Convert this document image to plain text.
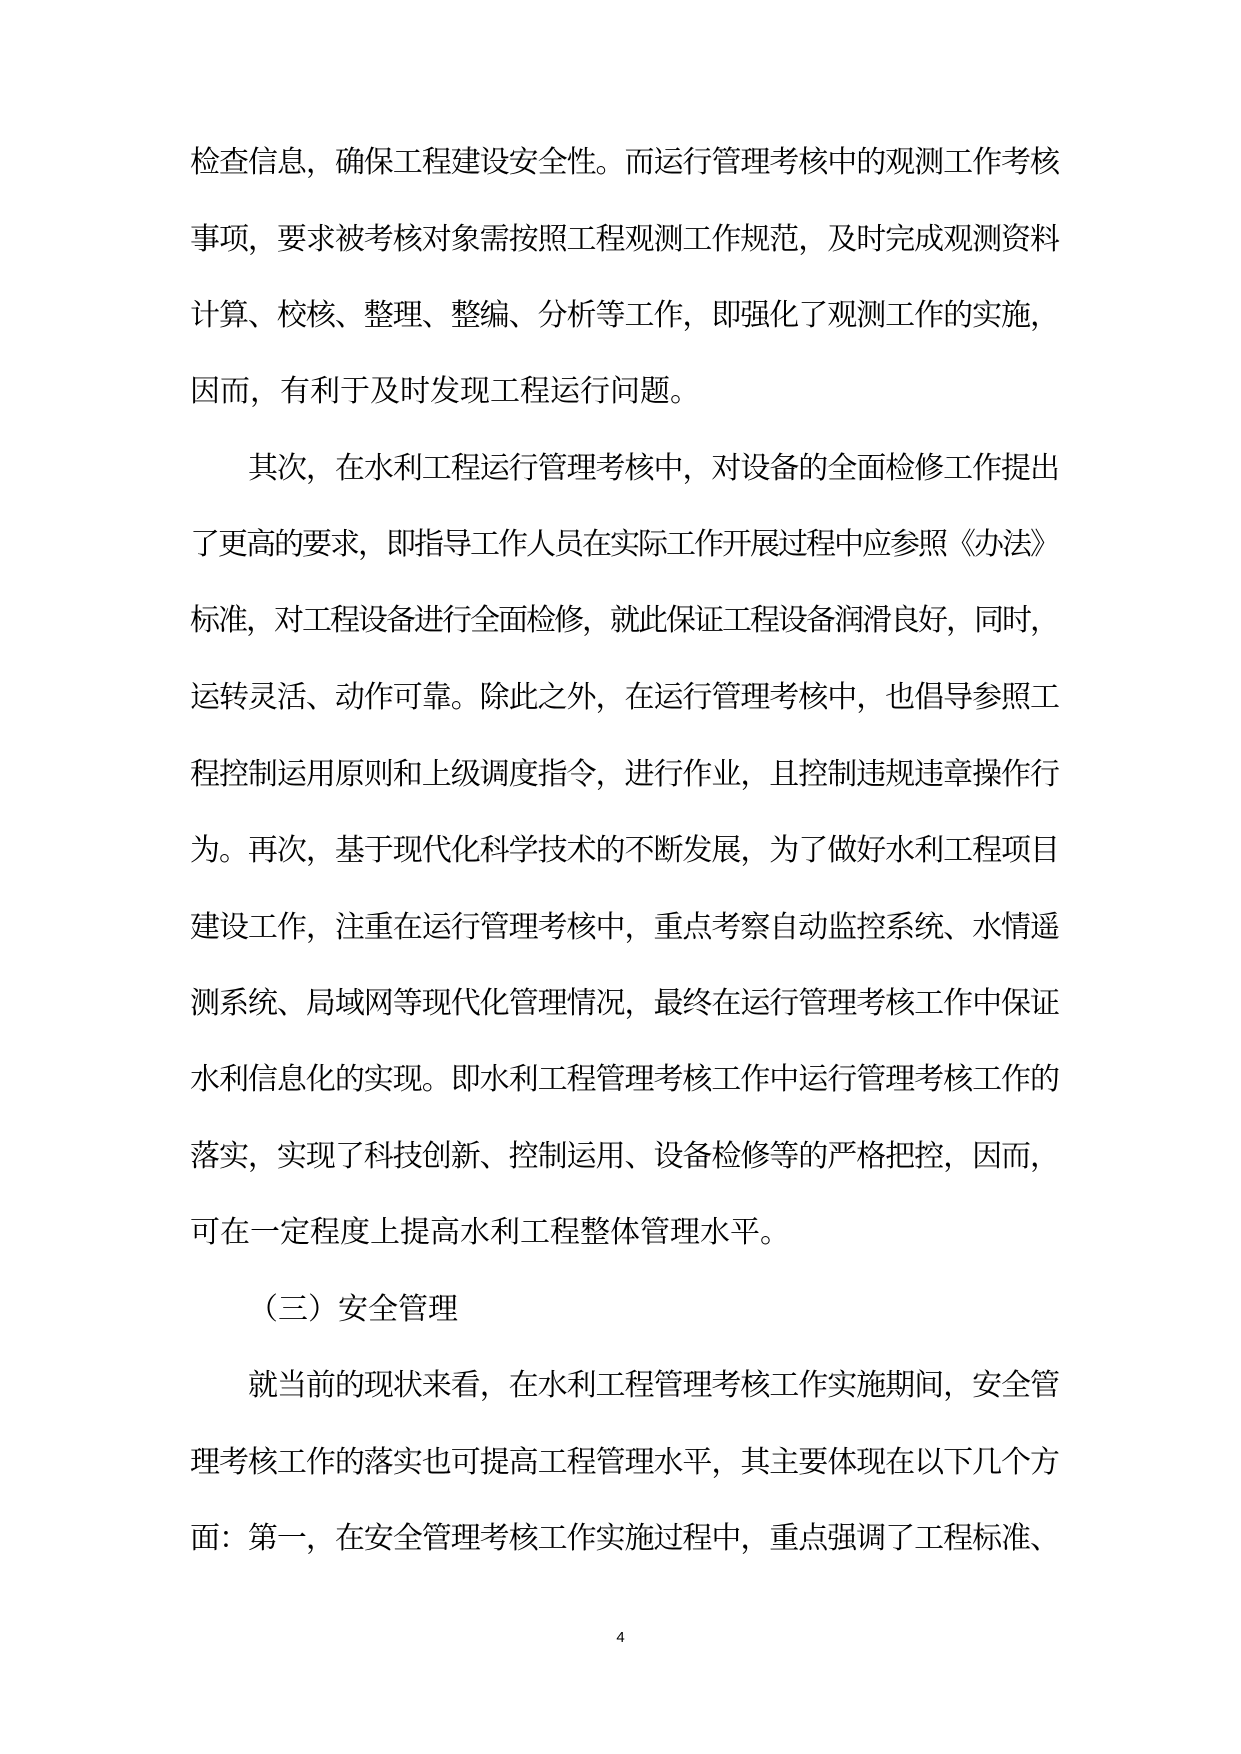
检查信息，确保工程建设安全性。而运行管理考核中的观测工作考核
事项，要求被考核对象需按照工程观测工作规范，及时完成观测资料
计算、校核、整理、整编、分析等工作，即强化了观测工作的实施，
因而，有利于及时发现工程运行问题。
其次，在水利工程运行管理考核中，对设备的全面检修工作提出
了更高的要求，即指导工作人员在实际工作开展过程中应参照《办法》
标准，对工程设备进行全面检修，就此保证工程设备润滑良好，同时，
运转灵活、动作可靠。除此之外，在运行管理考核中，也倡导参照工
程控制运用原则和上级调度指令，进行作业，且控制违规违章操作行
为。再次，基于现代化科学技术的不断发展，为了做好水利工程项目
建设工作，注重在运行管理考核中，重点考察自动监控系统、水情遥
测系统、局域网等现代化管理情况，最终在运行管理考核工作中保证
水利信息化的实现。即水利工程管理考核工作中运行管理考核工作的
落实，实现了科技创新、控制运用、设备检修等的严格把控，因而，
可在一定程度上提高水利工程整体管理水平。
（三）安全管理
就当前的现状来看，在水利工程管理考核工作实施期间，安全管
理考核工作的落实也可提高工程管理水平，其主要体现在以下几个方
面：第一，在安全管理考核工作实施过程中，重点强调了工程标准、
4
